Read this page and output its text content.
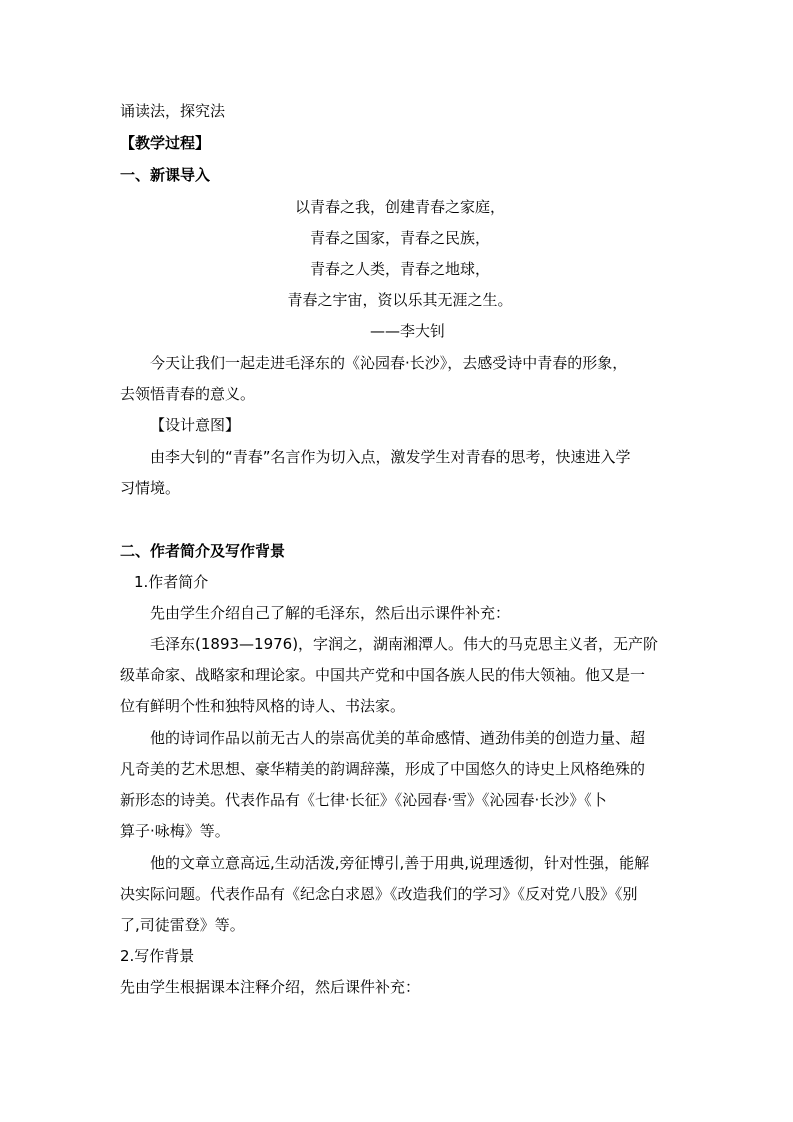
诵读法，探究法
【教学过程】
一、新课导入
以青春之我，创建青春之家庭，
青春之国家，青春之民族，
青春之人类，青春之地球，
青春之宇宙，资以乐其无涯之生。
——李大钊
今天让我们一起走进毛泽东的《沁园春·长沙》，去感受诗中青春的形象，
去领悟青春的意义。
【设计意图】
由李大钊的“青春”名言作为切入点，激发学生对青春的思考，快速进入学
习情境。
二、作者简介及写作背景
1.作者简介
先由学生介绍自己了解的毛泽东，然后出示课件补充：
毛泽东(1893—1976)，字润之，湖南湘潭人。伟大的马克思主义者，无产阶
级革命家、战略家和理论家。中国共产党和中国各族人民的伟大领袖。他又是一
位有鲜明个性和独特风格的诗人、书法家。
他的诗词作品以前无古人的崇高优美的革命感情、遒劲伟美的创造力量、超
凡奇美的艺术思想、豪华精美的韵调辞藻，形成了中国悠久的诗史上风格绝殊的
新形态的诗美。代表作品有《七律·长征》《沁园春·雪》《沁园春·长沙》《卜
算子·咏梅》等。
他的文章立意高远,生动活泼,旁征博引,善于用典,说理透彻，针对性强，能解
决实际问题。代表作品有《纪念白求恩》《改造我们的学习》《反对党八股》《别
了,司徒雷登》等。
2.写作背景
先由学生根据课本注释介绍，然后课件补充：
